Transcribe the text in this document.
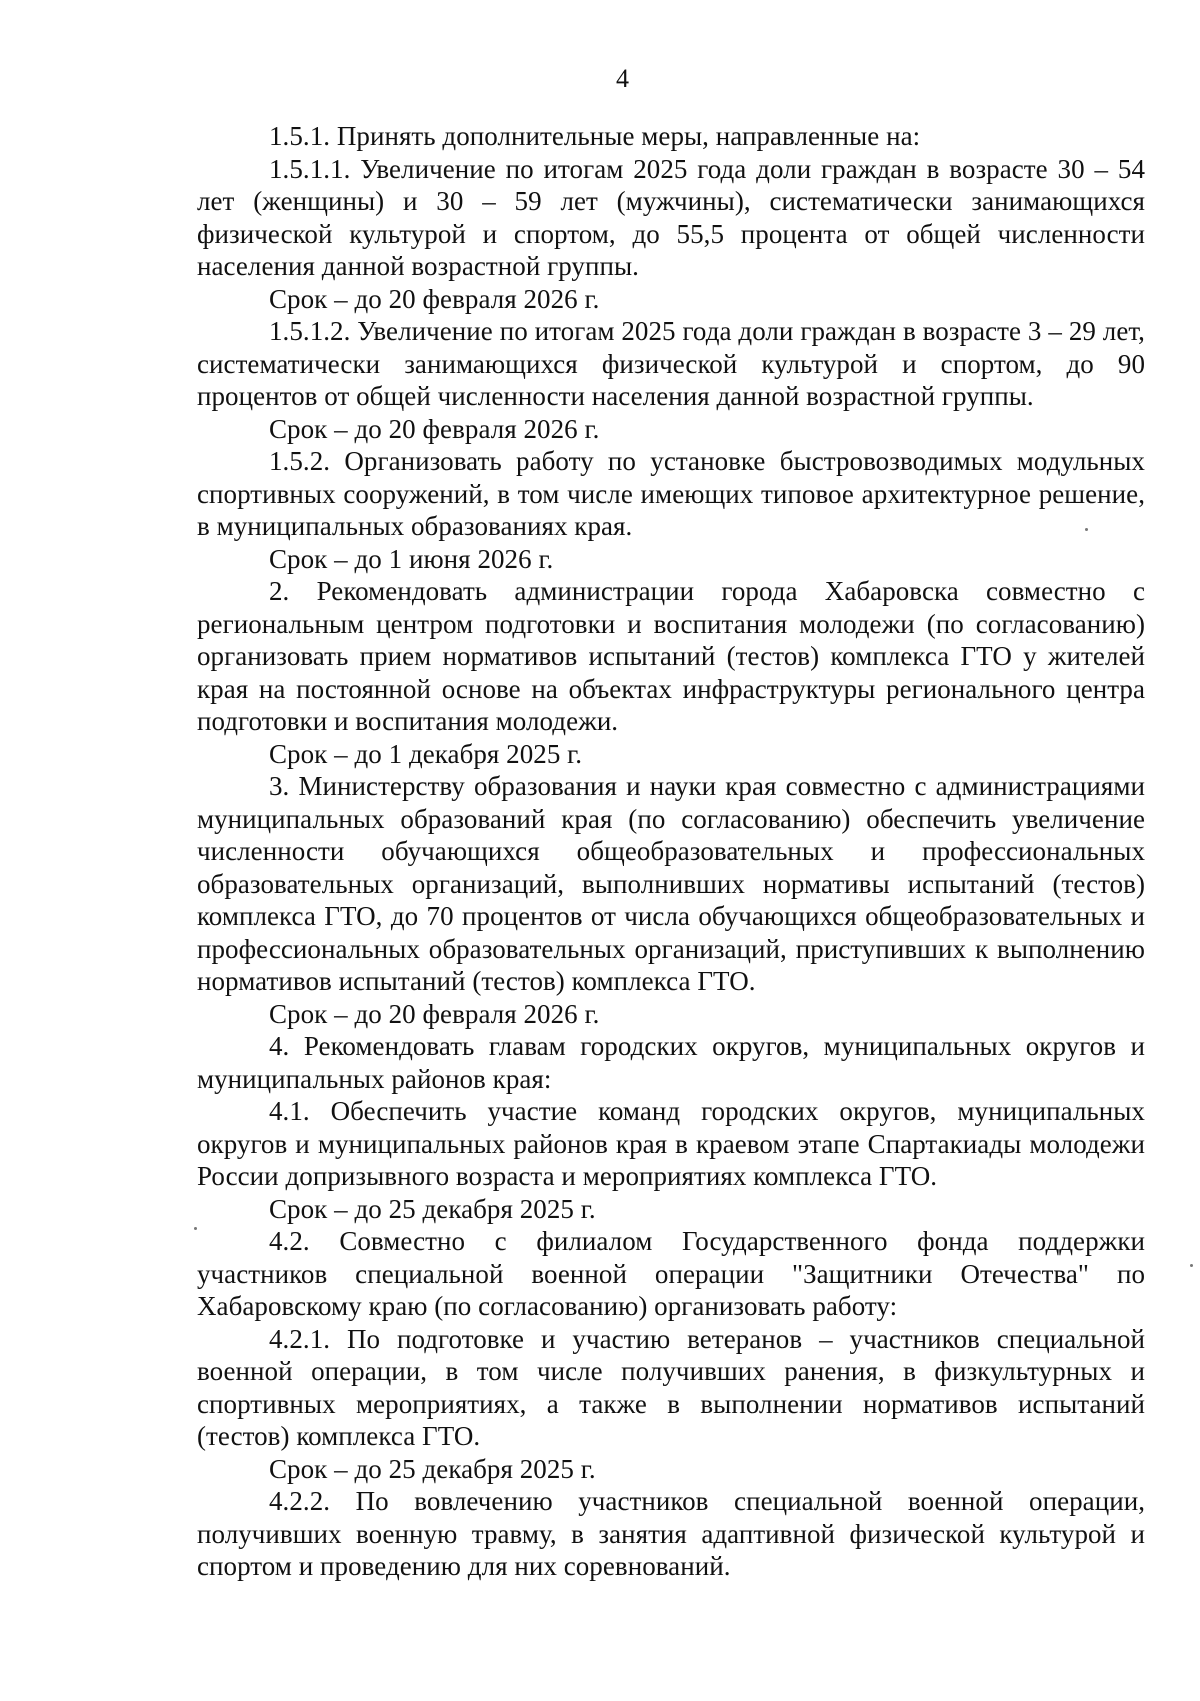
4

1.5.1. Принять дополнительные меры, направленные на:

1.5.1.1. Увеличение по итогам 2025 года доли граждан в возрасте 30 – 54 лет (женщины) и 30 – 59 лет (мужчины), систематически занимающихся физической культурой и спортом, до 55,5 процента от общей численности населения данной возрастной группы.

Срок – до 20 февраля 2026 г.

1.5.1.2. Увеличение по итогам 2025 года доли граждан в возрасте 3 – 29 лет, систематически занимающихся физической культурой и спортом, до 90 процентов от общей численности населения данной возрастной группы.

Срок – до 20 февраля 2026 г.

1.5.2. Организовать работу по установке быстровозводимых модульных спортивных сооружений, в том числе имеющих типовое архитектурное решение, в муниципальных образованиях края.

Срок – до 1 июня 2026 г.

2. Рекомендовать администрации города Хабаровска совместно с региональным центром подготовки и воспитания молодежи (по согласованию) организовать прием нормативов испытаний (тестов) комплекса ГТО у жителей края на постоянной основе на объектах инфраструктуры регионального центра подготовки и воспитания молодежи.

Срок – до 1 декабря 2025 г.

3. Министерству образования и науки края совместно с администрациями муниципальных образований края (по согласованию) обеспечить увеличение численности обучающихся общеобразовательных и профессиональных образовательных организаций, выполнивших нормативы испытаний (тестов) комплекса ГТО, до 70 процентов от числа обучающихся общеобразовательных и профессиональных образовательных организаций, приступивших к выполнению нормативов испытаний (тестов) комплекса ГТО.

Срок – до 20 февраля 2026 г.

4. Рекомендовать главам городских округов, муниципальных округов и муниципальных районов края:

4.1. Обеспечить участие команд городских округов, муниципальных округов и муниципальных районов края в краевом этапе Спартакиады молодежи России допризывного возраста и мероприятиях комплекса ГТО.

Срок – до 25 декабря 2025 г.

4.2. Совместно с филиалом Государственного фонда поддержки участников специальной военной операции "Защитники Отечества" по Хабаровскому краю (по согласованию) организовать работу:

4.2.1. По подготовке и участию ветеранов – участников специальной военной операции, в том числе получивших ранения, в физкультурных и спортивных мероприятиях, а также в выполнении нормативов испытаний (тестов) комплекса ГТО.

Срок – до 25 декабря 2025 г.

4.2.2. По вовлечению участников специальной военной операции, получивших военную травму, в занятия адаптивной физической культурой и спортом и проведению для них соревнований.
